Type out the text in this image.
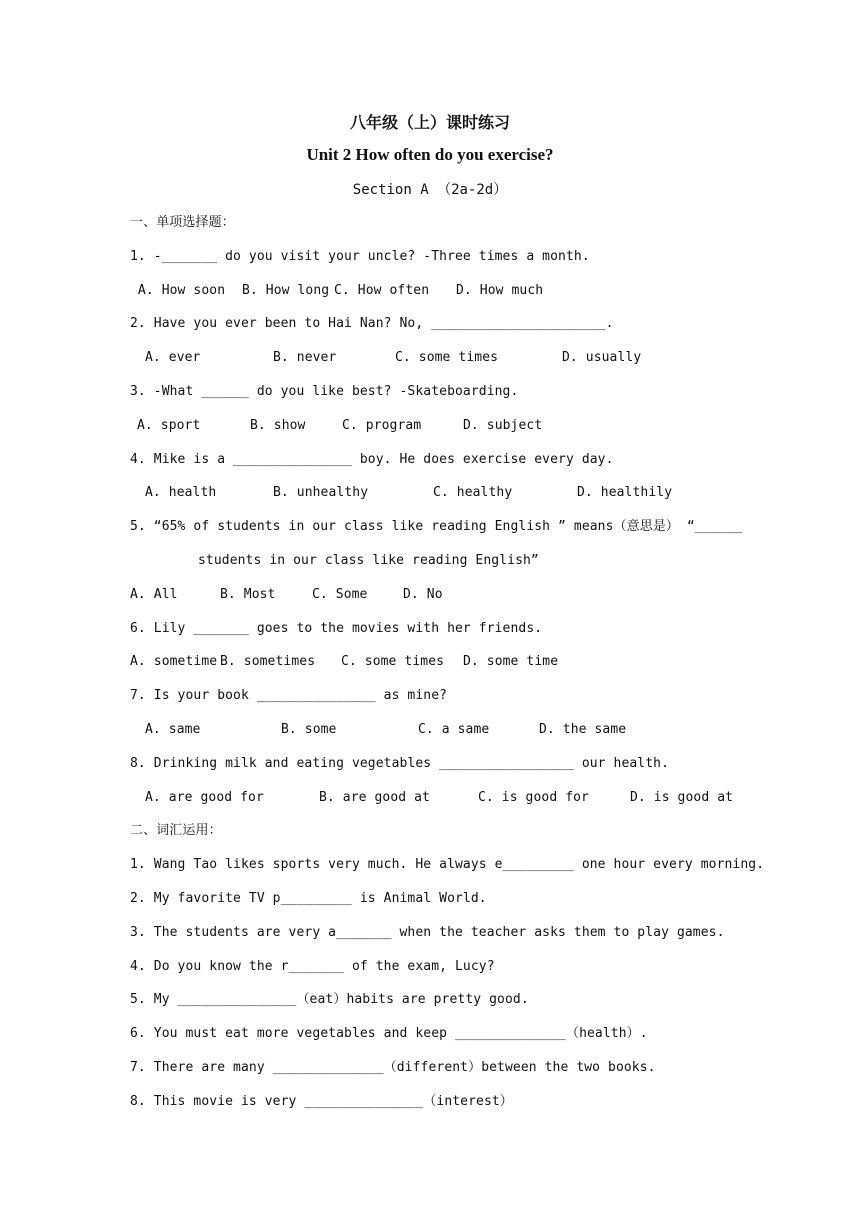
八年级（上）课时练习
Unit 2 How often do you exercise?
Section A （2a-2d）
一、单项选择题：
1. -_______ do you visit your uncle? -Three times a month.
A. How soon B. How long C. How often D. How much
2. Have you ever been to Hai Nan? No, ______________________.
A. ever	B. never	C. some times	D. usually
3. -What ______ do you like best? -Skateboarding.
A. sport	B. show	C. program	D. subject
4. Mike is a _______________ boy. He does exercise every day.
A. health	B. unhealthy	C. healthy	D. healthily
5. “65% of students in our class like reading English ” means（意思是） “______
students in our class like reading English”
A. All	B. Most	C. Some	D. No
6. Lily _______ goes to the movies with her friends.
A. sometime B. sometimes C. some times D. some time
7. Is your book _______________ as mine?
A. same	B. some	C. a same	D. the same
8. Drinking milk and eating vegetables _________________ our health.
A. are good for	B. are good at	C. is good for	D. is good at
二、词汇运用：
1. Wang Tao likes sports very much. He always e_________ one hour every morning.
2. My favorite TV p_________ is Animal World.
3. The students are very a_______ when the teacher asks them to play games.
4. Do you know the r_______ of the exam, Lucy?
5. My _______________（eat）habits are pretty good.
6. You must eat more vegetables and keep ______________（health）.
7. There are many ______________（different）between the two books.
8. This movie is very _______________（interest）
